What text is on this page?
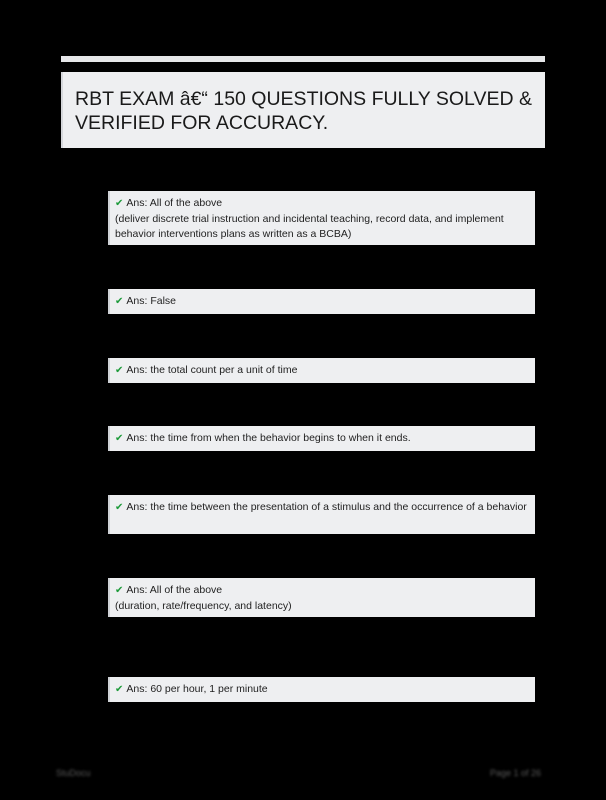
RBT EXAM â€“ 150 QUESTIONS FULLY SOLVED & VERIFIED FOR ACCURACY.
✔ Ans: All of the above
(deliver discrete trial instruction and incidental teaching, record data, and implement behavior interventions plans as written as a BCBA)
✔ Ans: False
✔ Ans: the total count per a unit of time
✔ Ans: the time from when the behavior begins to when it ends.
✔ Ans: the time between the presentation of a stimulus and the occurrence of a behavior
✔ Ans: All of the above
(duration, rate/frequency, and latency)
✔ Ans: 60 per hour, 1 per minute
StuDocu	Page 1 of 26
